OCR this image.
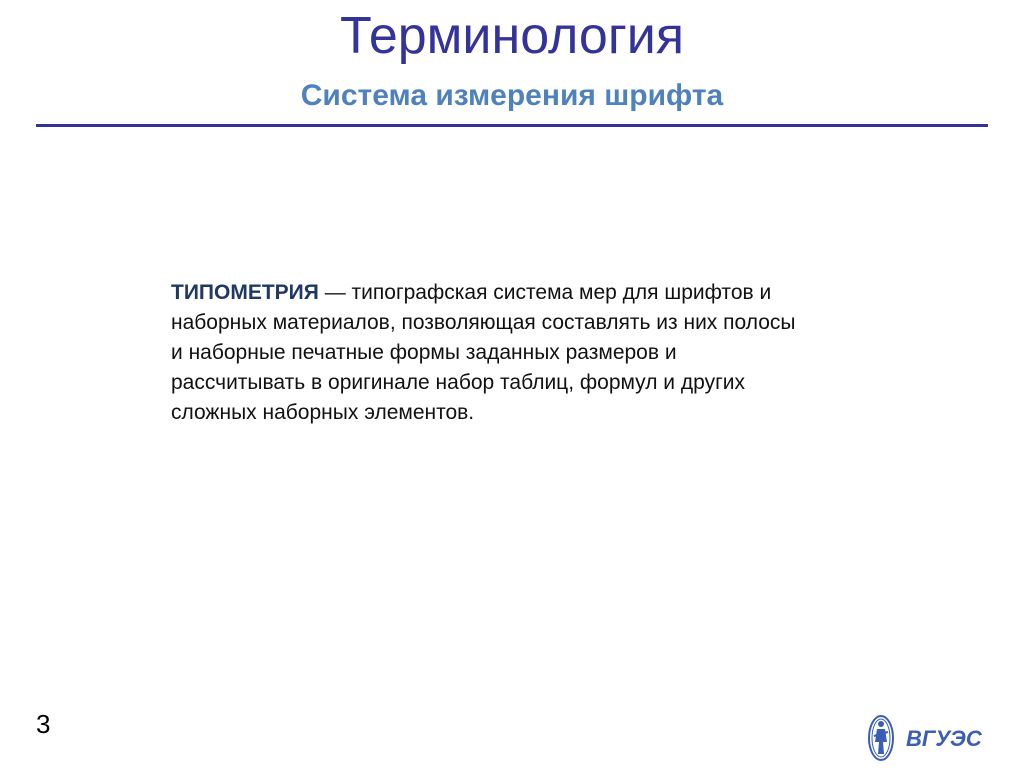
Терминология
Система измерения шрифта

ТИПОМЕТРИЯ — типографская система мер для шрифтов и наборных материалов, позволяющая составлять из них полосы и наборные печатные формы заданных размеров и рассчитывать в оригинале набор таблиц, формул и других сложных наборных элементов.

3	ВГУЭС
